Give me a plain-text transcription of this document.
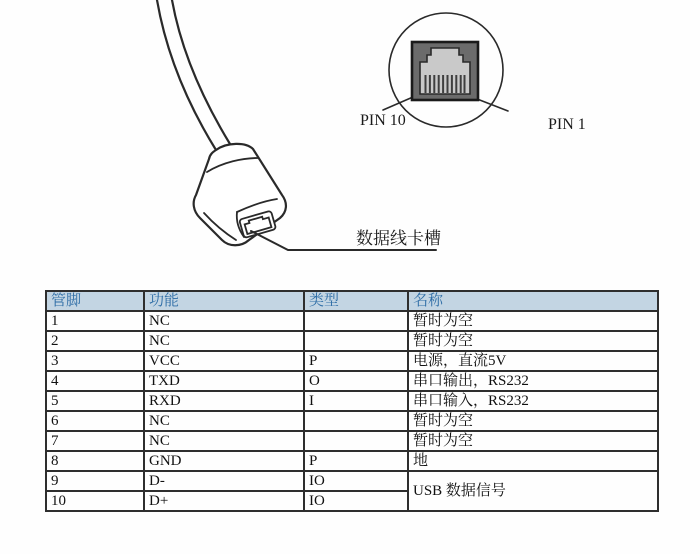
PIN 10	PIN 1
数据线卡槽
管脚	功能	类型	名称
1	NC		暂时为空
2	NC		暂时为空
3	VCC	P	电源，直流5V
4	TXD	O	串口输出，RS232
5	RXD	I	串口输入，RS232
6	NC		暂时为空
7	NC		暂时为空
8	GND	P	地
9	D-	IO	USB 数据信号
10	D+	IO	
